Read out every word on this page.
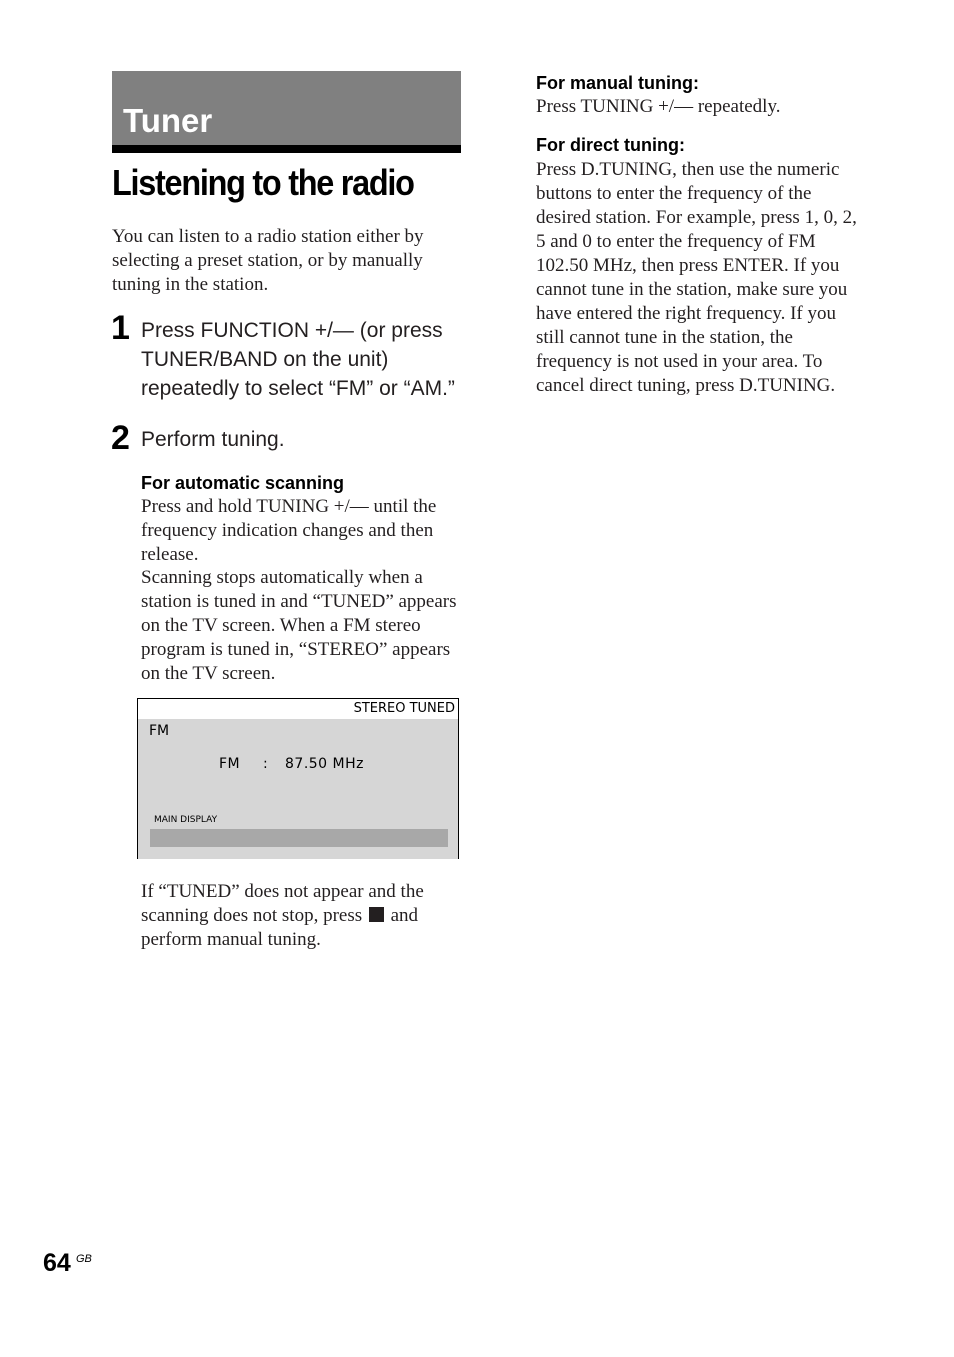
Tuner
Listening to the radio
You can listen to a radio station either by selecting a preset station, or by manually tuning in the station.
1 Press FUNCTION +/— (or press TUNER/BAND on the unit) repeatedly to select “FM” or “AM.”
2 Perform tuning.
For automatic scanning
Press and hold TUNING +/— until the frequency indication changes and then release.
Scanning stops automatically when a station is tuned in and “TUNED” appears on the TV screen. When a FM stereo program is tuned in, “STEREO” appears on the TV screen.
STEREO TUNED
FM
FM : 87.50 MHz
MAIN DISPLAY
If “TUNED” does not appear and the scanning does not stop, press and perform manual tuning.
For manual tuning:
Press TUNING +/— repeatedly.
For direct tuning:
Press D.TUNING, then use the numeric buttons to enter the frequency of the desired station. For example, press 1, 0, 2, 5 and 0 to enter the frequency of FM 102.50 MHz, then press ENTER. If you cannot tune in the station, make sure you have entered the right frequency. If you still cannot tune in the station, the frequency is not used in your area. To cancel direct tuning, press D.TUNING.
64 GB
